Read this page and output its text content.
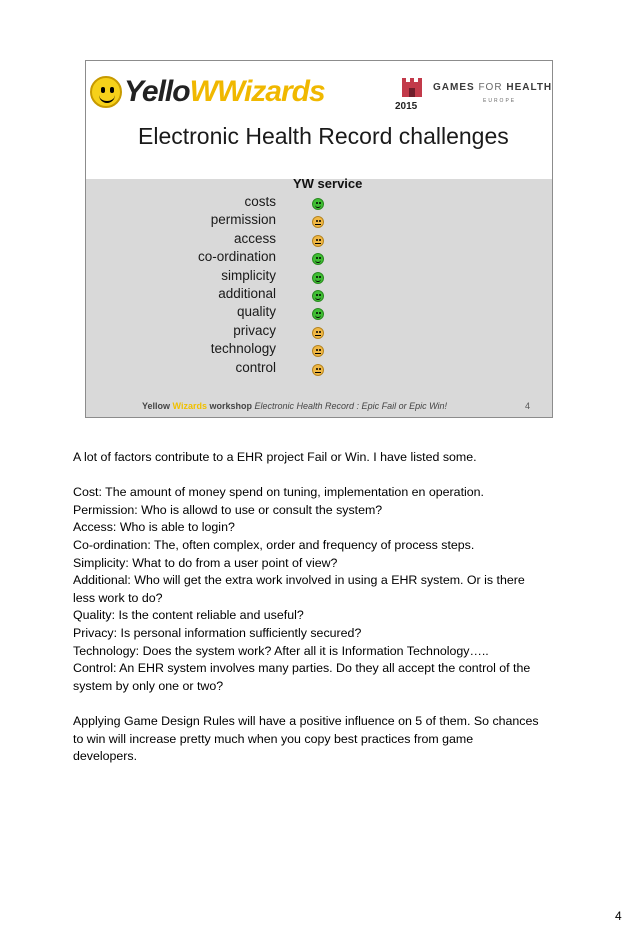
YelloWWizards	2015
GAMES FOR HEALTH
EUROPE
Electronic Health Record challenges
YW service
costs
permission
access
co-ordination
simplicity
additional
quality
privacy
technology
control
Yellow Wizards workshop Electronic Health Record : Epic Fail or Epic Win!	4

A lot of factors contribute to a EHR project Fail or Win. I have listed some.

Cost: The amount of money spend on tuning, implementation en operation.

Permission: Who is allowd to use or consult the system?

Access: Who is able to login?

Co-ordination: The, often complex, order and frequency of process steps.

Simplicity: What to do from a user point of view?

Additional: Who will get the extra work involved in using a EHR system. Or is there

less work to do?

Quality: Is the content reliable and useful?

Privacy: Is personal information sufficiently secured?

Technology: Does the system work? After all it is Information Technology…..

Control: An EHR system involves many parties. Do they all accept the control of the

system by only one or two?

Applying Game Design Rules will have a positive influence on 5 of them. So chances

to win will increase pretty much when you copy best practices from game

developers.

4
